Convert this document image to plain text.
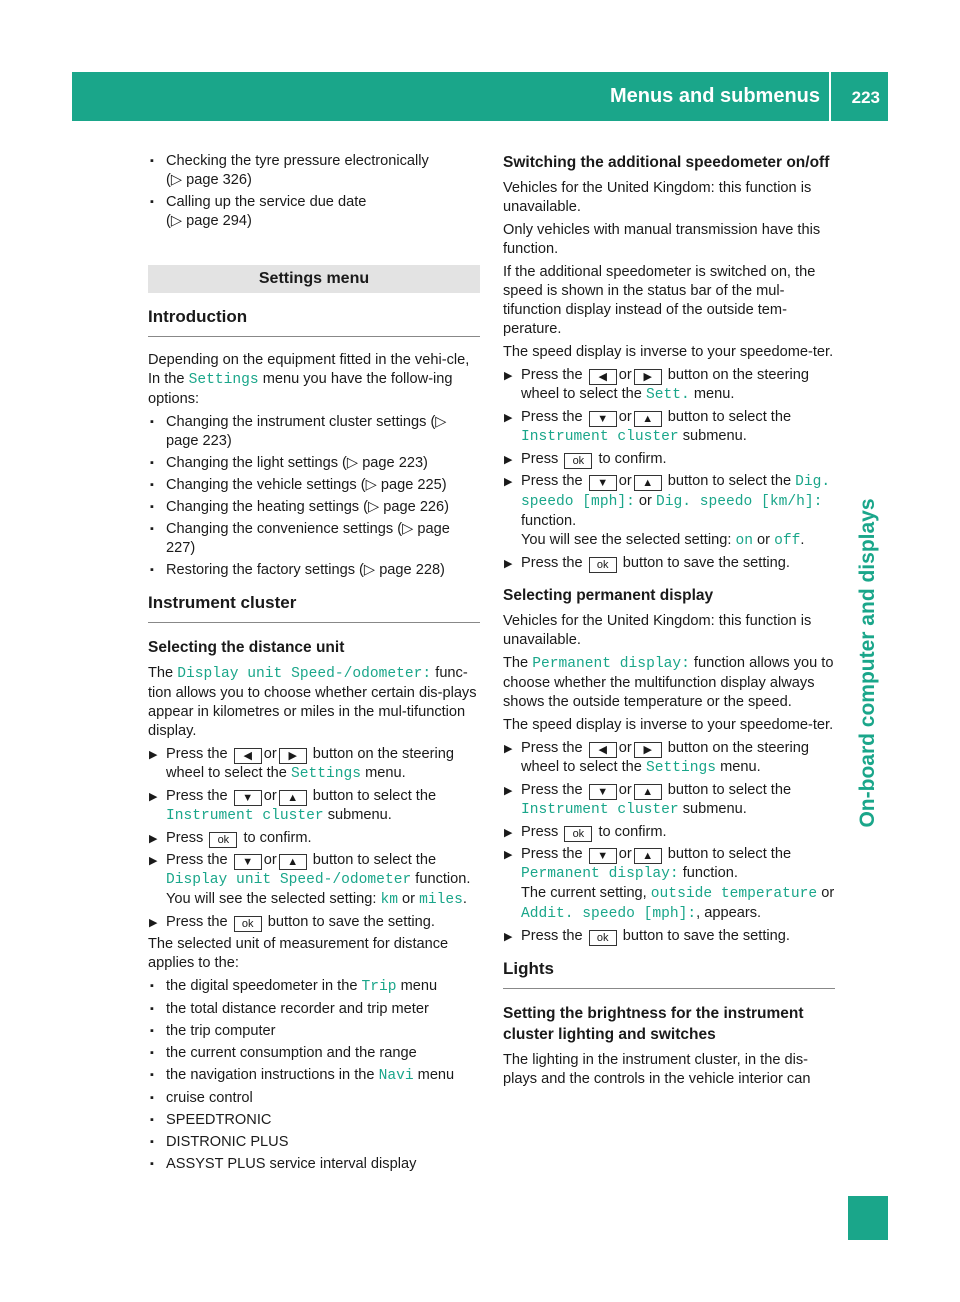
Menus and submenus 223
On-board computer and displays
▪ Checking the tyre pressure electronically
(▷ page 326)
▪ Calling up the service due date
(▷ page 294)
Settings menu
Introduction

Depending on the equipment fitted in the vehi-cle, In the Settings menu you have the follow-ing options:

▪ Changing the instrument cluster settings (▷ page 223)
▪ Changing the light settings (▷ page 223)
▪ Changing the vehicle settings (▷ page 225)
▪ Changing the heating settings (▷ page 226)
▪ Changing the convenience settings (▷ page 227)
▪ Restoring the factory settings (▷ page 228)
Instrument cluster
Selecting the distance unit

The Display unit Speed-/odometer: func-tion allows you to choose whether certain dis-plays appear in kilometres or miles in the mul-tifunction display.

▶ Press the ◀ or ▶ button on the steering wheel to select the Settings menu.
▶ Press the ▼ or ▲ button to select the Instrument cluster submenu.
▶ Press ok to confirm.
▶ Press the ▼ or ▲ button to select the Display unit Speed-/odometer function.
You will see the selected setting: km or miles.
▶ Press the ok button to save the setting.

The selected unit of measurement for distance applies to the:

▪ the digital speedometer in the Trip menu
▪ the total distance recorder and trip meter
▪ the trip computer
▪ the current consumption and the range
▪ the navigation instructions in the Navi menu
▪ cruise control
▪ SPEEDTRONIC
▪ DISTRONIC PLUS
▪ ASSYST PLUS service interval display
Switching the additional speedometer on/off

Vehicles for the United Kingdom: this function is unavailable.

Only vehicles with manual transmission have this function.

If the additional speedometer is switched on, the speed is shown in the status bar of the mul-tifunction display instead of the outside tem-perature.

The speed display is inverse to your speedome-ter.

▶ Press the ◀ or ▶ button on the steering wheel to select the Sett. menu.
▶ Press the ▼ or ▲ button to select the Instrument cluster submenu.
▶ Press ok to confirm.
▶ Press the ▼ or ▲ button to select the Dig. speedo [mph]: or Dig. speedo [km/h]: function.
You will see the selected setting: on or off.
▶ Press the ok button to save the setting.
Selecting permanent display

Vehicles for the United Kingdom: this function is unavailable.

The Permanent display: function allows you to choose whether the multifunction display always shows the outside temperature or the speed.

The speed display is inverse to your speedome-ter.

▶ Press the ◀ or ▶ button on the steering wheel to select the Settings menu.
▶ Press the ▼ or ▲ button to select the Instrument cluster submenu.
▶ Press ok to confirm.
▶ Press the ▼ or ▲ button to select the Permanent display: function.
The current setting, outside temperature or Addit. speedo [mph]:, appears.
▶ Press the ok button to save the setting.
Lights
Setting the brightness for the instrument cluster lighting and switches

The lighting in the instrument cluster, in the dis-plays and the controls in the vehicle interior can
